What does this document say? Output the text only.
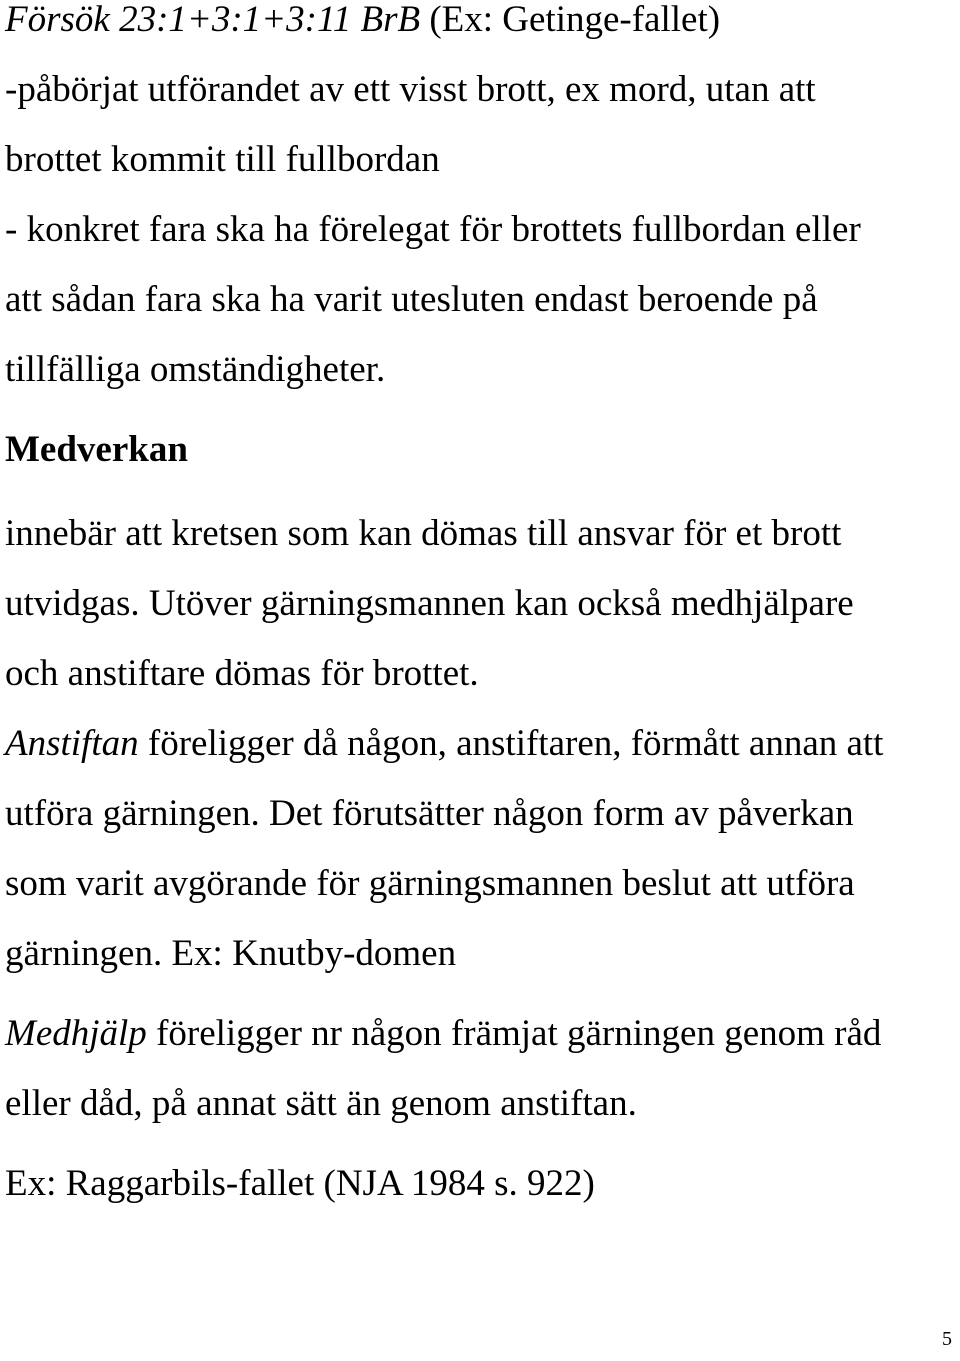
Försök 23:1+3:1+3:11 BrB (Ex: Getinge-fallet)

-påbörjat utförandet av ett visst brott, ex mord, utan att

brottet kommit till fullbordan

- konkret fara ska ha förelegat för brottets fullbordan eller

att sådan fara ska ha varit utesluten endast beroende på

tillfälliga omständigheter.

Medverkan

innebär att kretsen som kan dömas till ansvar för et brott

utvidgas. Utöver gärningsmannen kan också medhjälpare

och anstiftare dömas för brottet.

Anstiftan föreligger då någon, anstiftaren, förmått annan att

utföra gärningen. Det förutsätter någon form av påverkan

som varit avgörande för gärningsmannen beslut att utföra

gärningen. Ex: Knutby-domen

Medhjälp föreligger nr någon främjat gärningen genom råd

eller dåd, på annat sätt än genom anstiftan.

Ex: Raggarbils-fallet (NJA 1984 s. 922)

5
